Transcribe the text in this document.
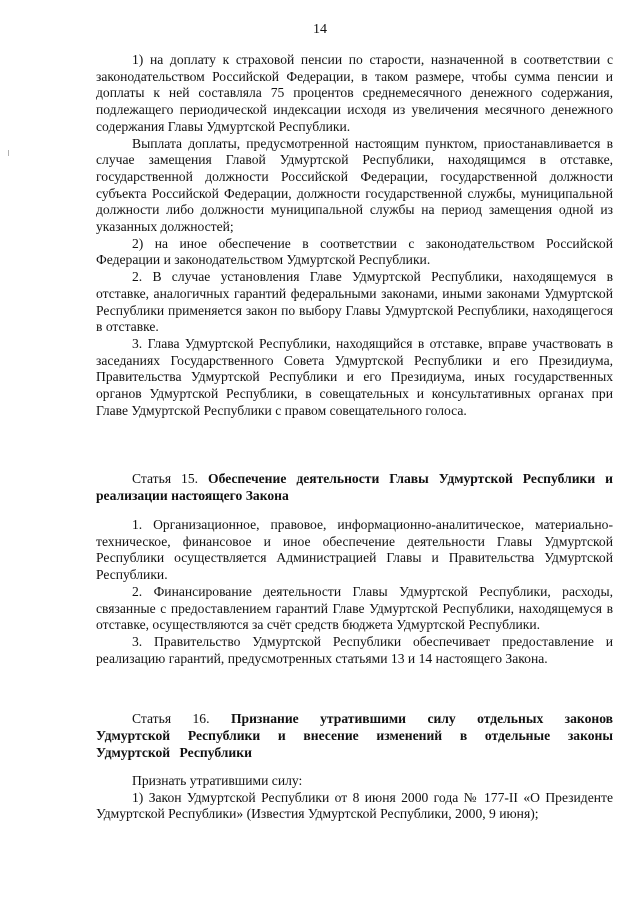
14

1) на доплату к страховой пенсии по старости, назначенной в соответствии с законодательством Российской Федерации, в таком размере, чтобы сумма пенсии и доплаты к ней составляла 75 процентов среднемесячного денежного содержания, подлежащего периодической индексации исходя из увеличения месячного денежного содержания Главы Удмуртской Республики.

Выплата доплаты, предусмотренной настоящим пунктом, приостанавливается в случае замещения Главой Удмуртской Республики, находящимся в отставке, государственной должности Российской Федерации, государственной должности субъекта Российской Федерации, должности государственной службы, муниципальной должности либо должности муниципальной службы на период замещения одной из указанных должностей;

2) на иное обеспечение в соответствии с законодательством Российской Федерации и законодательством Удмуртской Республики.

2. В случае установления Главе Удмуртской Республики, находящемуся в отставке, аналогичных гарантий федеральными законами, иными законами Удмуртской Республики применяется закон по выбору Главы Удмуртской Республики, находящегося в отставке.

3. Глава Удмуртской Республики, находящийся в отставке, вправе участвовать в заседаниях Государственного Совета Удмуртской Республики и его Президиума, Правительства Удмуртской Республики и его Президиума, иных государственных органов Удмуртской Республики, в совещательных и консультативных органах при Главе Удмуртской Республики с правом совещательного голоса.

Статья 15. Обеспечение деятельности Главы Удмуртской Республики и реализации настоящего Закона

1. Организационное, правовое, информационно-аналитическое, материально-техническое, финансовое и иное обеспечение деятельности Главы Удмуртской Республики осуществляется Администрацией Главы и Правительства Удмуртской Республики.

2. Финансирование деятельности Главы Удмуртской Республики, расходы, связанные с предоставлением гарантий Главе Удмуртской Республики, находящемуся в отставке, осуществляются за счёт средств бюджета Удмуртской Республики.

3. Правительство Удмуртской Республики обеспечивает предоставление и реализацию гарантий, предусмотренных статьями 13 и 14 настоящего Закона.

Статья 16. Признание утратившими силу отдельных законов Удмуртской Республики и внесение изменений в отдельные законы Удмуртской Республики

Признать утратившими силу:

1) Закон Удмуртской Республики от 8 июня 2000 года № 177-II «О Президенте Удмуртской Республики» (Известия Удмуртской Республики, 2000, 9 июня);
